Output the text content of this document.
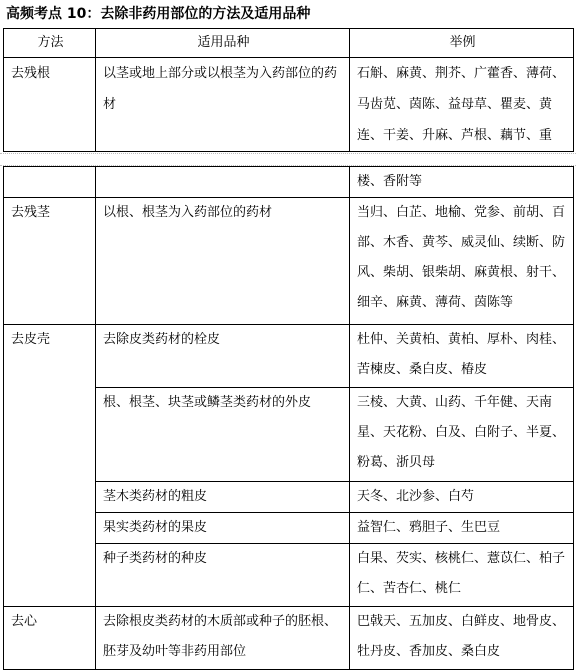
高频考点 10：去除非药用部位的方法及适用品种
方法	适用品种	举例
去残根	以茎或地上部分或以根茎为入药部位的药材	石斛、麻黄、荆芥、广藿香、薄荷、马齿苋、茵陈、益母草、瞿麦、黄连、干姜、升麻、芦根、藕节、重
		楼、香附等
去残茎	以根、根茎为入药部位的药材	当归、白芷、地榆、党参、前胡、百部、木香、黄芩、威灵仙、续断、防风、柴胡、银柴胡、麻黄根、射干、细辛、麻黄、薄荷、茵陈等
去皮壳	去除皮类药材的栓皮	杜仲、关黄柏、黄柏、厚朴、肉桂、苦楝皮、桑白皮、椿皮
	根、根茎、块茎或鳞茎类药材的外皮	三棱、大黄、山药、千年健、天南星、天花粉、白及、白附子、半夏、粉葛、浙贝母
	茎木类药材的粗皮	天冬、北沙参、白芍
	果实类药材的果皮	益智仁、鸦胆子、生巴豆
	种子类药材的种皮	白果、芡实、核桃仁、薏苡仁、柏子仁、苦杏仁、桃仁
去心	去除根皮类药材的木质部或种子的胚根、胚芽及幼叶等非药用部位	巴戟天、五加皮、白鲜皮、地骨皮、牡丹皮、香加皮、桑白皮
